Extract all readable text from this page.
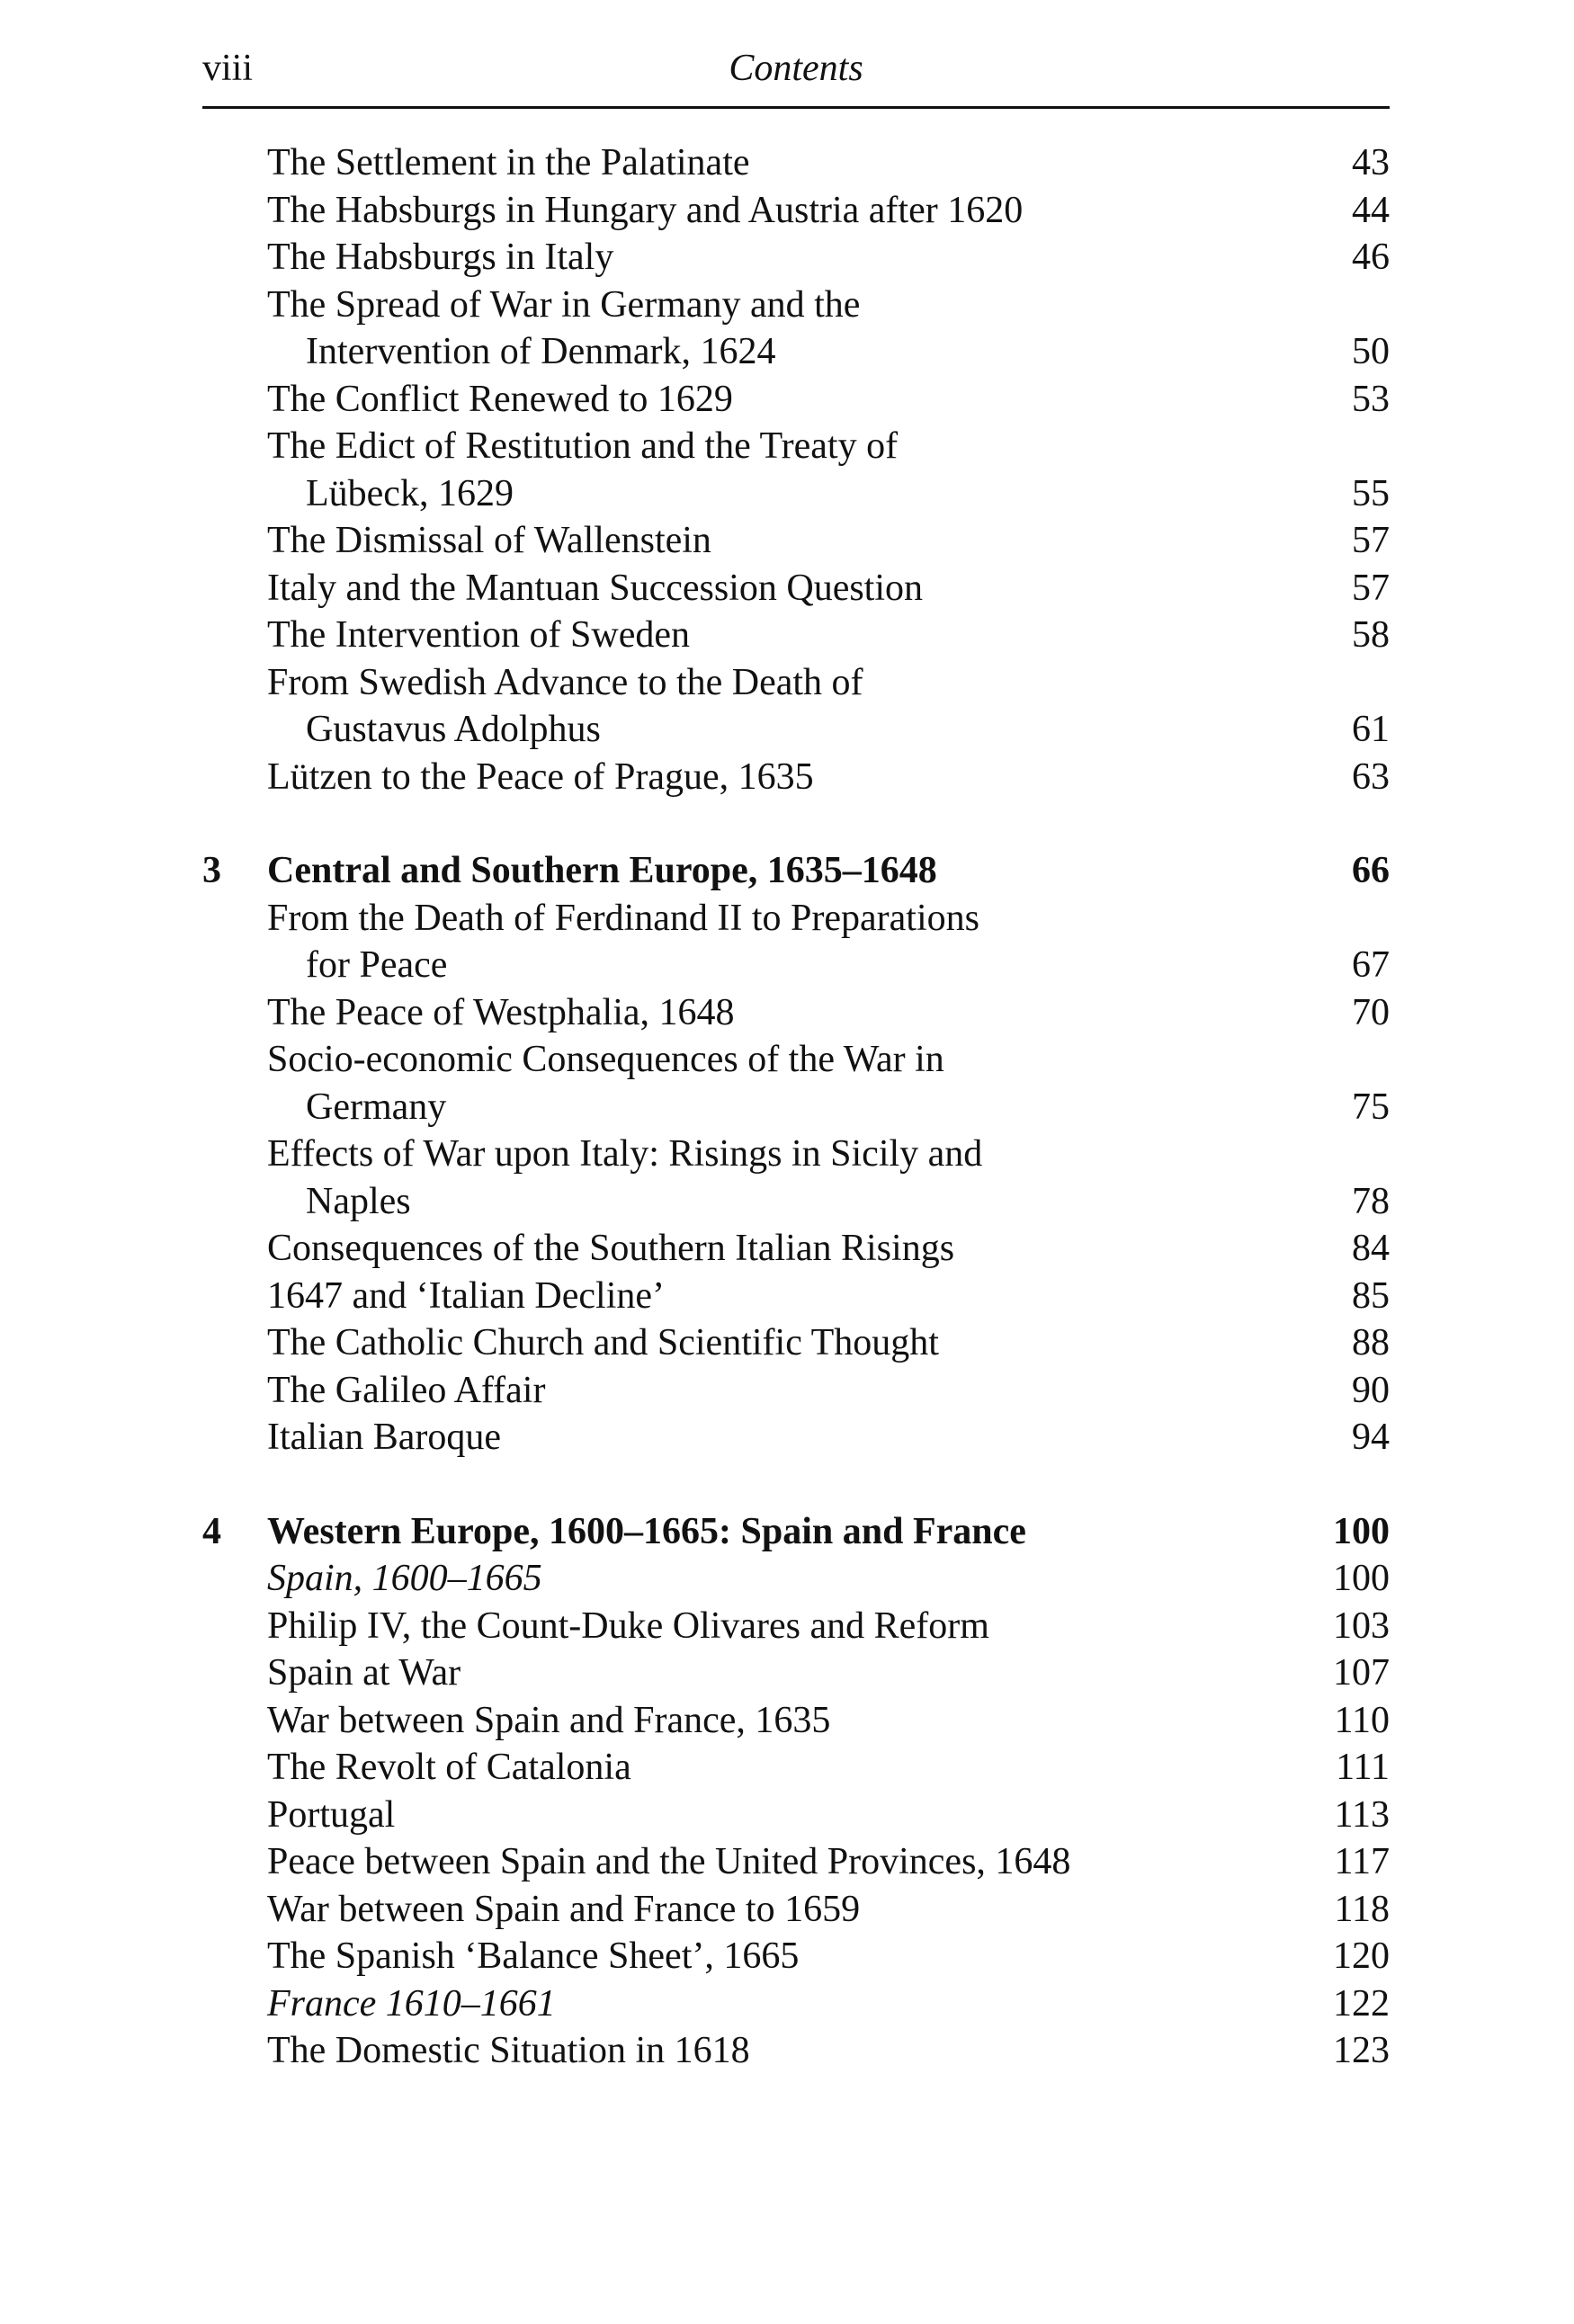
viii	Contents
The Settlement in the Palatinate	43
The Habsburgs in Hungary and Austria after 1620	44
The Habsburgs in Italy	46
The Spread of War in Germany and the
Intervention of Denmark, 1624	50
The Conflict Renewed to 1629	53
The Edict of Restitution and the Treaty of
Lübeck, 1629	55
The Dismissal of Wallenstein	57
Italy and the Mantuan Succession Question	57
The Intervention of Sweden	58
From Swedish Advance to the Death of
Gustavus Adolphus	61
Lützen to the Peace of Prague, 1635	63
3 Central and Southern Europe, 1635–1648	66
From the Death of Ferdinand II to Preparations
for Peace	67
The Peace of Westphalia, 1648	70
Socio-economic Consequences of the War in
Germany	75
Effects of War upon Italy: Risings in Sicily and
Naples	78
Consequences of the Southern Italian Risings	84
1647 and ‘Italian Decline’	85
The Catholic Church and Scientific Thought	88
The Galileo Affair	90
Italian Baroque	94
4 Western Europe, 1600–1665: Spain and France	100
Spain, 1600–1665	100
Philip IV, the Count-Duke Olivares and Reform	103
Spain at War	107
War between Spain and France, 1635	110
The Revolt of Catalonia	111
Portugal	113
Peace between Spain and the United Provinces, 1648	117
War between Spain and France to 1659	118
The Spanish ‘Balance Sheet’, 1665	120
France 1610–1661	122
The Domestic Situation in 1618	123
